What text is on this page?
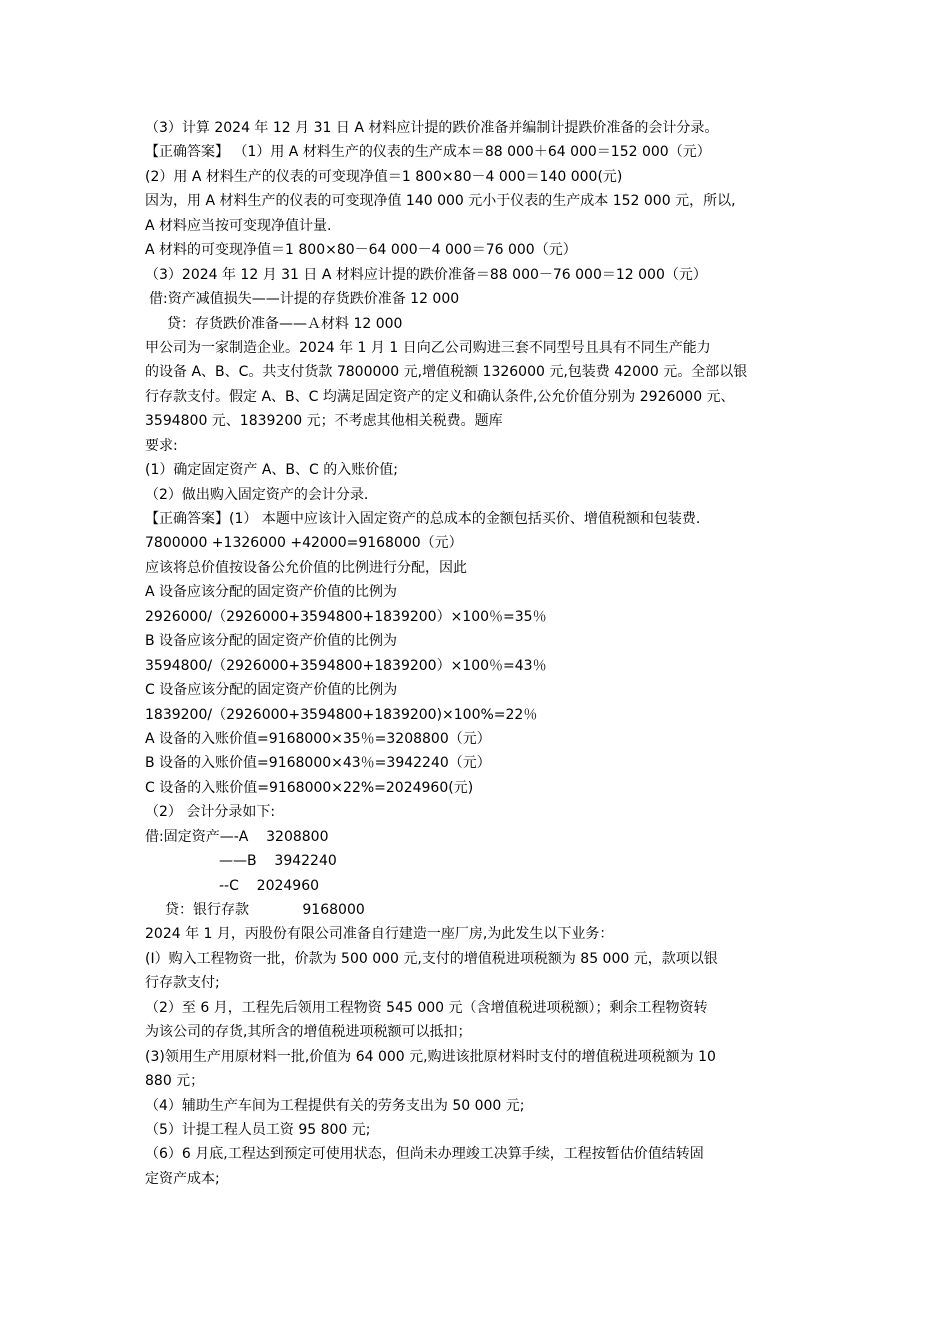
（3）计算 2024 年 12 月 31 日 A 材料应计提的跌价准备并编制计提跌价准备的会计分录。
【正确答案】 （1）用 A 材料生产的仪表的生产成本＝88 000＋64 000＝152 000（元）
(2）用 A 材料生产的仪表的可变现净值＝1 800×80－4 000＝140 000(元)
因为，用 A 材料生产的仪表的可变现净值 140 000 元小于仪表的生产成本 152 000 元，所以,
A 材料应当按可变现净值计量.
A 材料的可变现净值＝1 800×80－64 000－4 000＝76 000（元）
（3）2024 年 12 月 31 日 A 材料应计提的跌价准备＝88 000－76 000＝12 000（元）
借:资产减值损失——计提的存货跌价准备 12 000
贷：存货跌价准备——Ａ材料 12 000
甲公司为一家制造企业。2024 年 1 月 1 日向乙公司购进三套不同型号且具有不同生产能力
的设备 A、B、C。共支付货款 7800000 元,增值税额 1326000 元,包装费 42000 元。全部以银
行存款支付。假定 A、B、C 均满足固定资产的定义和确认条件,公允价值分别为 2926000 元、
3594800 元、1839200 元；不考虑其他相关税费。题库
要求:
(1）确定固定资产 A、B、C 的入账价值;
（2）做出购入固定资产的会计分录.
【正确答案】(1） 本题中应该计入固定资产的总成本的金额包括买价、增值税额和包装费.
7800000 +1326000 +42000=9168000（元）
应该将总价值按设备公允价值的比例进行分配，因此
A 设备应该分配的固定资产价值的比例为
2926000/（2926000+3594800+1839200）×100％=35％
B 设备应该分配的固定资产价值的比例为
3594800/（2926000+3594800+1839200）×100％=43％
C 设备应该分配的固定资产价值的比例为
1839200/（2926000+3594800+1839200)×100%=22％
A 设备的入账价值=9168000×35％=3208800（元）
B 设备的入账价值=9168000×43％=3942240（元）
C 设备的入账价值=9168000×22%=2024960(元)
（2） 会计分录如下:
借:固定资产—-A    3208800
——B    3942240
--C    2024960
贷：银行存款            9168000
2024 年 1 月，丙股份有限公司准备自行建造一座厂房,为此发生以下业务：
(I）购入工程物资一批，价款为 500 000 元,支付的增值税进项税额为 85 000 元，款项以银
行存款支付;
（2）至 6 月，工程先后领用工程物资 545 000 元（含增值税进项税额）；剩余工程物资转
为该公司的存货,其所含的增值税进项税额可以抵扣；
(3)领用生产用原材料一批,价值为 64 000 元,购进该批原材料时支付的增值税进项税额为 10
880 元；
（4）辅助生产车间为工程提供有关的劳务支出为 50 000 元;
（5）计提工程人员工资 95 800 元;
（6）6 月底,工程达到预定可使用状态，但尚未办理竣工决算手续，工程按暂估价值结转固
定资产成本;
